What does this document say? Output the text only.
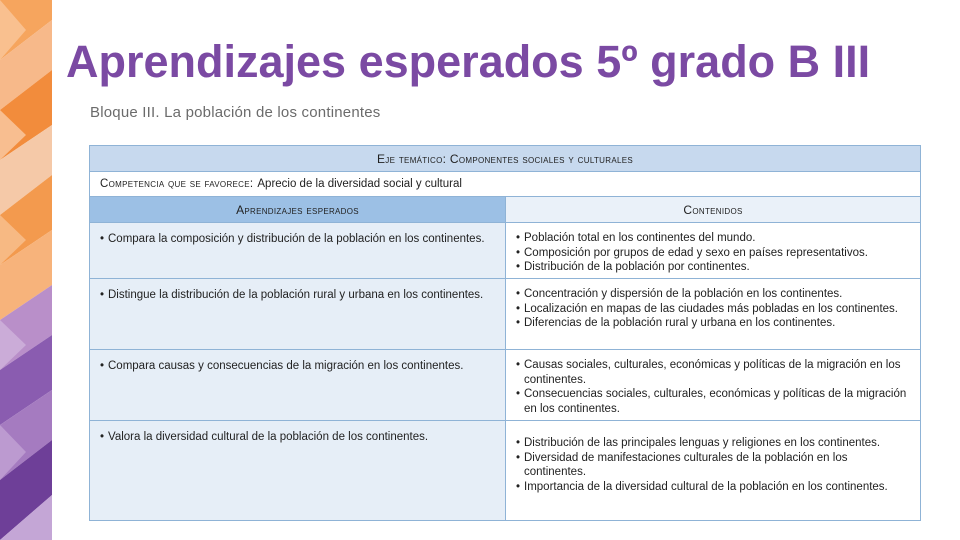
Aprendizajes esperados 5º grado B III
Bloque III. La población de los continentes
Eje temático: Componentes sociales y culturales
Competencia que se favorece: Aprecio de la diversidad social y cultural
Aprendizajes esperados	Contenidos
• Compara la composición y distribución de la población en los continentes.	• Población total en los continentes del mundo.
• Composición por grupos de edad y sexo en países representativos.
• Distribución de la población por continentes.
• Distingue la distribución de la población rural y urbana en los continentes.	• Concentración y dispersión de la población en los continentes.
• Localización en mapas de las ciudades más pobladas en los continentes.
• Diferencias de la población rural y urbana en los continentes.
• Compara causas y consecuencias de la migración en los continentes.	• Causas sociales, culturales, económicas y políticas de la migración en los continentes.
• Consecuencias sociales, culturales, económicas y políticas de la migración en los continentes.
• Valora la diversidad cultural de la población de los continentes.	• Distribución de las principales lenguas y religiones en los continentes.
• Diversidad de manifestaciones culturales de la población en los continentes.
• Importancia de la diversidad cultural de la población en los continentes.
